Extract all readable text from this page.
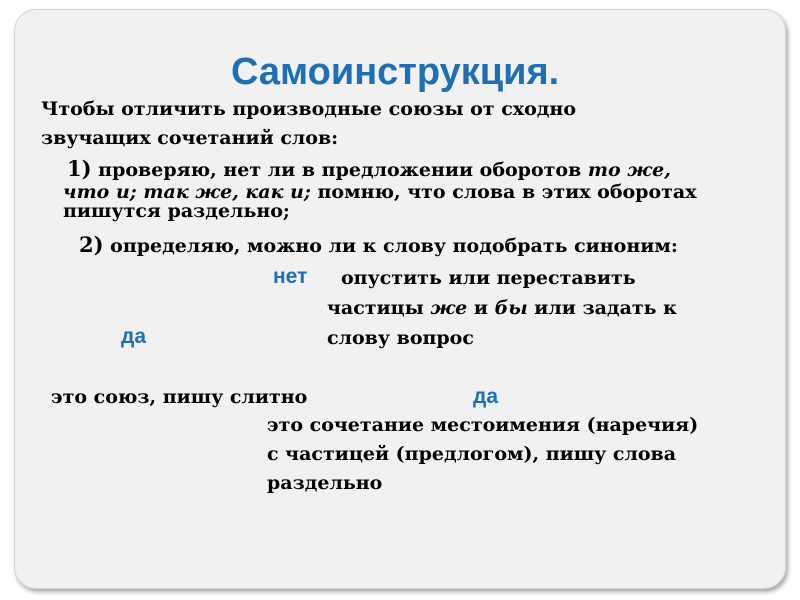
Самоинструкция.
Чтобы отличить производные союзы от сходно
звучащих сочетаний слов:
1) проверяю, нет ли в предложении оборотов то же,
что и; так же, как и; помню, что слова в этих оборотах
пишутся раздельно;
2) определяю, можно ли к слову подобрать синоним:
нет опустить или переставить
частицы же и бы или задать к
да	слову вопрос
это союз, пишу слитно	да
это сочетание местоимения (наречия)
с частицей (предлогом), пишу слова
раздельно
